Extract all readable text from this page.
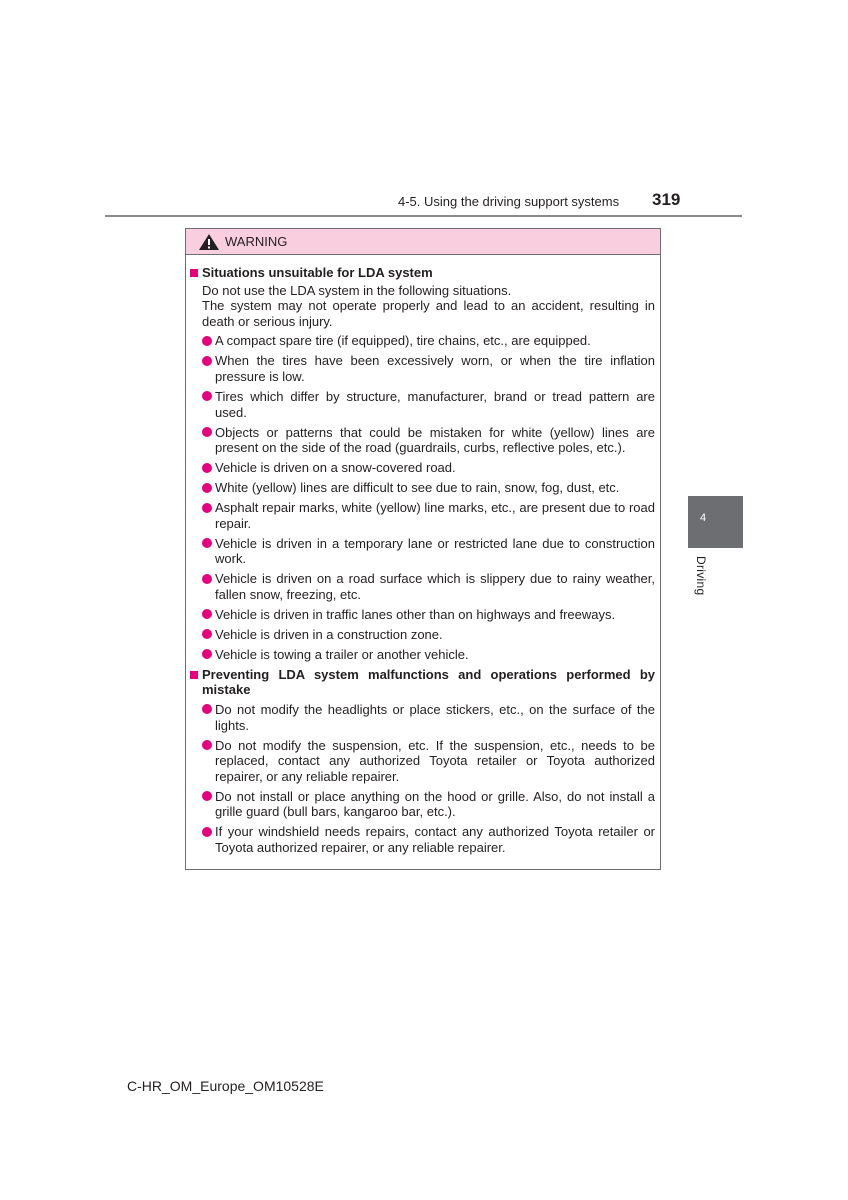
4-5. Using the driving support systems 319
4
Driving
WARNING
Situations unsuitable for LDA system
Do not use the LDA system in the following situations.
The system may not operate properly and lead to an accident, resulting in death or serious injury.
A compact spare tire (if equipped), tire chains, etc., are equipped.
When the tires have been excessively worn, or when the tire inflation pressure is low.
Tires which differ by structure, manufacturer, brand or tread pattern are used.
Objects or patterns that could be mistaken for white (yellow) lines are present on the side of the road (guardrails, curbs, reflective poles, etc.).
Vehicle is driven on a snow-covered road.
White (yellow) lines are difficult to see due to rain, snow, fog, dust, etc.
Asphalt repair marks, white (yellow) line marks, etc., are present due to road repair.
Vehicle is driven in a temporary lane or restricted lane due to construction work.
Vehicle is driven on a road surface which is slippery due to rainy weather, fallen snow, freezing, etc.
Vehicle is driven in traffic lanes other than on highways and freeways.
Vehicle is driven in a construction zone.
Vehicle is towing a trailer or another vehicle.
Preventing LDA system malfunctions and operations performed by mistake
Do not modify the headlights or place stickers, etc., on the surface of the lights.
Do not modify the suspension, etc. If the suspension, etc., needs to be replaced, contact any authorized Toyota retailer or Toyota authorized repairer, or any reliable repairer.
Do not install or place anything on the hood or grille. Also, do not install a grille guard (bull bars, kangaroo bar, etc.).
If your windshield needs repairs, contact any authorized Toyota retailer or Toyota authorized repairer, or any reliable repairer.
C-HR_OM_Europe_OM10528E
